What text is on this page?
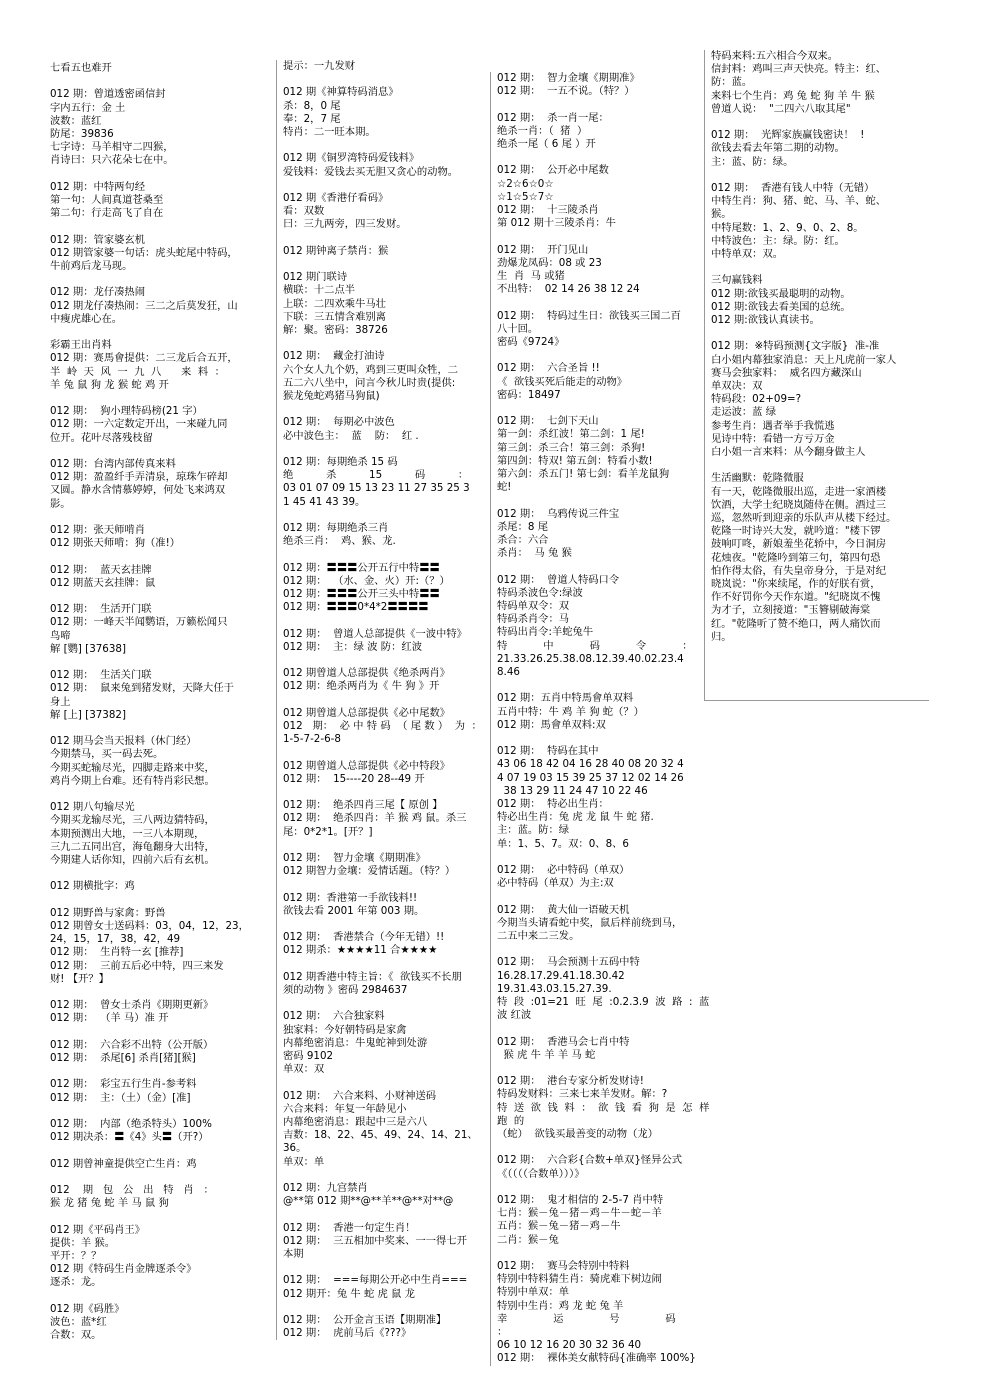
七看五也难开
012 期：曾道透密函信封
字内五行：金 土
波数：蓝红
防尾：39836
七字诗：马羊相守二四猴，
肖诗曰：只六花朵七在中。
012 期：中特两句经
第一句：人间真道苍桑至
第二句：行走高飞了自在
012 期：管家婆玄机
012 期管家婆一句话：虎头蛇尾中特码，
牛前鸡后龙马现。
012 期：龙仔凑热闹
012 期龙仔凑热闹：三二之后莫发狂，山
中瘦虎雄心在。
彩霸王出肖料
012 期：赛馬會提供：二三龙后合五开，
半  岭  天  风  一  九  八      来  料  ：
羊 兔 鼠 狗 龙 猴 蛇 鸡 开
012 期：  狗小理特码榜(21 字）
012 期：一六定数定开出，一来碰九同
位开。花叶尽落残枝留
012 期：台湾内部传真来料
012 期：盈盈纤手弄清泉，琼珠乍碎却
又圆。静水含情慕婷婷，何处飞来鸿双
影。
012 期：张天师啃肖
012 期张天师啃：狗（准!）
012 期：  蓝天玄挂牌
012 期蓝天玄挂牌：鼠
012 期：  生活开门联
012 期：一峰天半闻鹦语，万籁松闻只
鸟啼
解 [鹦] [37638]
012 期：  生活关门联
012 期：  鼠来兔到猪发财，天降大任于
身上
解 [上] [37382]
012 期马会当天报料（休门经）
今期禁马，买一码去死。
今期买蛇输尽光，四脚走路来中奖，
鸡肖今期上台难。还有特肖彩民想。
012 期八句输尽光
今期买龙输尽光，三八两边猜特码，
本期预测出大地，一三八本期现，
三九二五同出宫，海龟翻身大出特，
今期建人话你知，四前六后有玄机。
012 期横批字：鸡
012 期野兽与家禽：野兽
012 期曾女士送码料：03，04，12，23，
24，15，17，38，42，49
012 期：  生肖特一玄 [推荐]
012 期：  三前五后必中特，四三来发
财! 【开？】
012 期：  曾女士杀肖《期期更新》
012 期：  （羊 马）准 开
012 期：  六合彩不出特（公开版）
012 期：  杀尾[6] 杀肖[猪][猴]
012 期：  彩宝五行生肖-参考料
012 期：  主：（土）（金）[准]
012 期：  内部（绝杀特头）100%
012 期决杀：〓《4》头〓（开?）
012 期曾神童提供空亡生肖：鸡
012    期   包   公   出   特   肖   ：
猴 龙 猪 兔 蛇 羊 马 鼠 狗
012 期《平码肖王》
提供：羊 猴。
平开：？？
012 期《特码生肖金牌逐杀令》
逐杀：龙。
012 期《码胜》
波色：蓝*红
合数：双。
提示：一九发财
012 期《神算特码消息》
杀：8，0 尾
奉：2，7 尾
特肖：二一旺本期。
012 期《铜罗湾特码爱钱料》
爱钱料：爱钱去买无胆又贪心的动物。
012 期《香港仔看码》
看：双数
曰：三九两旁，四三发财。
012 期钟离子禁肖：猴
012 期门联诗
横联：十二点半
上联：二四欢乘牛马壮
下联：三五情含难别离
解：聚。密码：38726
012 期：  藏金打油诗
六个女人九个奶，鸡到三更叫众牲，二
五二六八坐中，问言今秋儿时贵(提供:
猴龙兔蛇鸡猪马狗鼠)
012 期：  每期必中波色
必中波色主：  蓝    防：  红 .
012 期：每期绝杀 15 码
绝          杀          15          码          ：
03 01 07 09 15 13 23 11 27 35 25 3
1 45 41 43 39。
012 期：每期绝杀三肖
绝杀三肖：  鸡、猴、龙.
012 期：〓〓〓公开五行中特〓〓
012 期：  （水、金、火）开:（？）
012 期：〓〓〓公开三头中特〓〓
012 期：〓〓〓0*4*2〓〓〓〓
012 期：  曾道人总部提供《一波中特》
012 期：  主：绿 波 防：红波
012 期曾道人总部提供《绝杀两肖》
012 期：绝杀两肖为《 牛 狗 》开
012 期曾道人总部提供《必中尾数》
012   期：  必 中 特 码  （ 尾 数 ）  为  ：
1-5-7-2-6-8
012 期曾道人总部提供《必中特段》
012 期：  15----20 28--49 开
012 期：  绝杀四肖三尾【 原创 】
012 期：  绝杀四肖：羊 猴 鸡 鼠。杀三
尾：0*2*1。[开？]
012 期：  智力金壤《期期准》
012 期智力金壤：爱情话题。（特？）
012 期：香港第一手欲钱料!!
欲钱去看 2001 年第 003 期。
012 期：  香港禁合（今年无错）!!
012 期杀：★★★★11 合★★★★
012 期香港中特主旨：《  欲钱买不长朋
须的动物 》密码 2984637
012 期：  六合独家料
独家料：今好朝特码是家禽
内幕绝密消息：牛鬼蛇神到处游
密码 9102
单双：双
012 期：  六合来料、小财神送码
六合来料：年复一年龄见小
内幕绝密消息：跟起中三是六八
吉数：18、22、45、49、24、14、21、
36。
单双：单
012 期：九宫禁肖
@**第 012 期**@**羊**@**对**@
012 期：  香港一句定生肖！
012 期：  三五相加中奖来、一一得七开
本期
012 期：  ===每期公开必中生肖===
012 期开：兔 牛 蛇 虎 鼠 龙
012 期：  公开金言玉语【期期准】
012 期：  虎前马后《???》
012 期：  智力金壤《期期准》
012 期：  一五不说。（特？）
012 期：  杀一肖一尾：
绝杀一肖：（  猪  ）
绝杀一尾（ 6 尾 ）开
012 期：  公开必中尾数
☆2☆6☆0☆
☆1☆5☆7☆
012 期：  十三陵杀肖
第 012 期十三陵杀肖：牛
012 期：  开门见山
劲爆龙凤码：08 或 23
生  肖  马 或猪
不出特：  02 14 26 38 12 24
012 期：  特码过生日：欲钱买三国二百
八十回。
密码《9724》
012 期：  六合圣旨 !!
《  欲钱买死后能走的动物》
密码：18497
012 期：  七剑下天山
第一剑：杀红波！第二剑：1 尾!
第三剑：杀三合！第三剑：杀狗!
第四剑：特双! 第五剑：特看小数!
第六剑：杀五门! 第七剑：看羊龙鼠狗
蛇!
012 期：  乌鸦传说三件宝
杀尾：8 尾
杀合：六合
杀肖：  马 兔 猴
012 期：  曾道人特码口令
特码杀波色令:绿波
特码单双令：双
特码杀肖令：马
特码出肖令:羊蛇兔牛
特           中           码           令           ：
21.33.26.25.38.08.12.39.40.02.23.4
8.46
012 期：五肖中特馬會单双料
五肖中特：牛 鸡 羊 狗 蛇（？）
012 期：馬會单双料:双
012 期：  特码在其中
43 06 18 42 04 16 28 40 08 20 32 4
4 07 19 03 15 39 25 37 12 02 14 26
38 13 29 11 24 47 10 22 46
012 期：  特必出生肖：
特必出生肖：兔 虎 龙 鼠 牛 蛇 猪.
主：蓝。防：绿
单：1、5、7。双：0、8、6
012 期：  必中特码（单双）
必中特码（单双）为主:双
012 期：  黄大仙一语破天机
今期当头请看蛇中奖，鼠后样前绕到马，
二五中来二三发。
012 期：  马会预测十五码中特
16.28.17.29.41.18.30.42
19.31.43.03.15.27.39.
特  段  :01=21  旺  尾  :0.2.3.9  波  路  :  蓝
波 红波
012 期：  香港马会七肖中特
猴 虎 牛 羊 羊 马 蛇
012 期：  港台专家分析发财诗!
特码发财料：三来七来羊发财。解：?
特  送  欲  钱  料  ：  欲  钱  看  狗  是  怎  样  跑  的
（蛇）  欲钱买最善变的动物（龙）
012 期：  六合彩{合数+单双}怪异公式
《（（（（合数单）））》
012 期：  鬼才相信的 2-5-7 肖中特
七肖：猴－兔－猪－鸡－牛－蛇－羊
五肖：猴－兔－猪－鸡－牛
二肖：猴－兔
012 期：  赛马会特别中特料
特别中特料猜生肖：骑虎难下树边闹
特别中单双：单
特别中生肖：鸡 龙 蛇 兔 羊
幸              运              号              码              ：
06 10 12 16 20 30 32 36 40
012 期：  裸体美女献特码{准确率 100%}
特码来料:五六相合今双来。
信封料：鸡叫三声天快亮。特主：红、
防：蓝。
来料七个生肖：鸡 兔 蛇 狗 羊 牛 猴
曾道人说：  "二四六八取其尾"
012 期：  光辉家族赢钱密诀！  !
欲钱去看去年第二期的动物。
主：蓝、防：绿。
012 期：  香港有钱人中特（无错）
中特生肖：狗、猪、蛇、马、羊、蛇、
猴。
中特尾数：1、2、9、0、2、8。
中特波色：主：绿。防：红。
中特单双：双。
三句赢钱料
012 期:欲钱买最聪明的动物。
012 期:欲钱去看美国的总统。
012 期:欲钱认真读书。
012 期：※特码预测{文字版}  准-准
白小姐内幕独家消息：天上凡虎前一家人
赛马会独家料：  威名四方藏深山
单双决：双
特码段：02+09=?
走运波：蓝 绿
参考生肖：遇者举手我慌逃
见诗中特：看错一方亏万金
白小姐一言来料：从今翻身做主人
生活幽默：乾隆微服
有一天，乾隆微服出巡，走进一家酒楼
饮酒，大学士纪晓岚随侍在侧。酒过三
巡，忽然听到迎亲的乐队声从楼下经过。
乾隆一时诗兴大发，就吟道："楼下锣
鼓响叮咚，新娘羞坐花轿中，今日洞房
花烛夜。"乾隆吟到第三句，第四句恐
怕作得太俗，有失皇帝身分，于是对纪
晓岚说："你来续尾，作的好朕有赏，
作不好罚你今天作东道。"纪晓岚不愧
为才子，立刻接道："玉簪剔破海棠
红。"乾隆听了赞不绝口，两人痛饮而
归。
